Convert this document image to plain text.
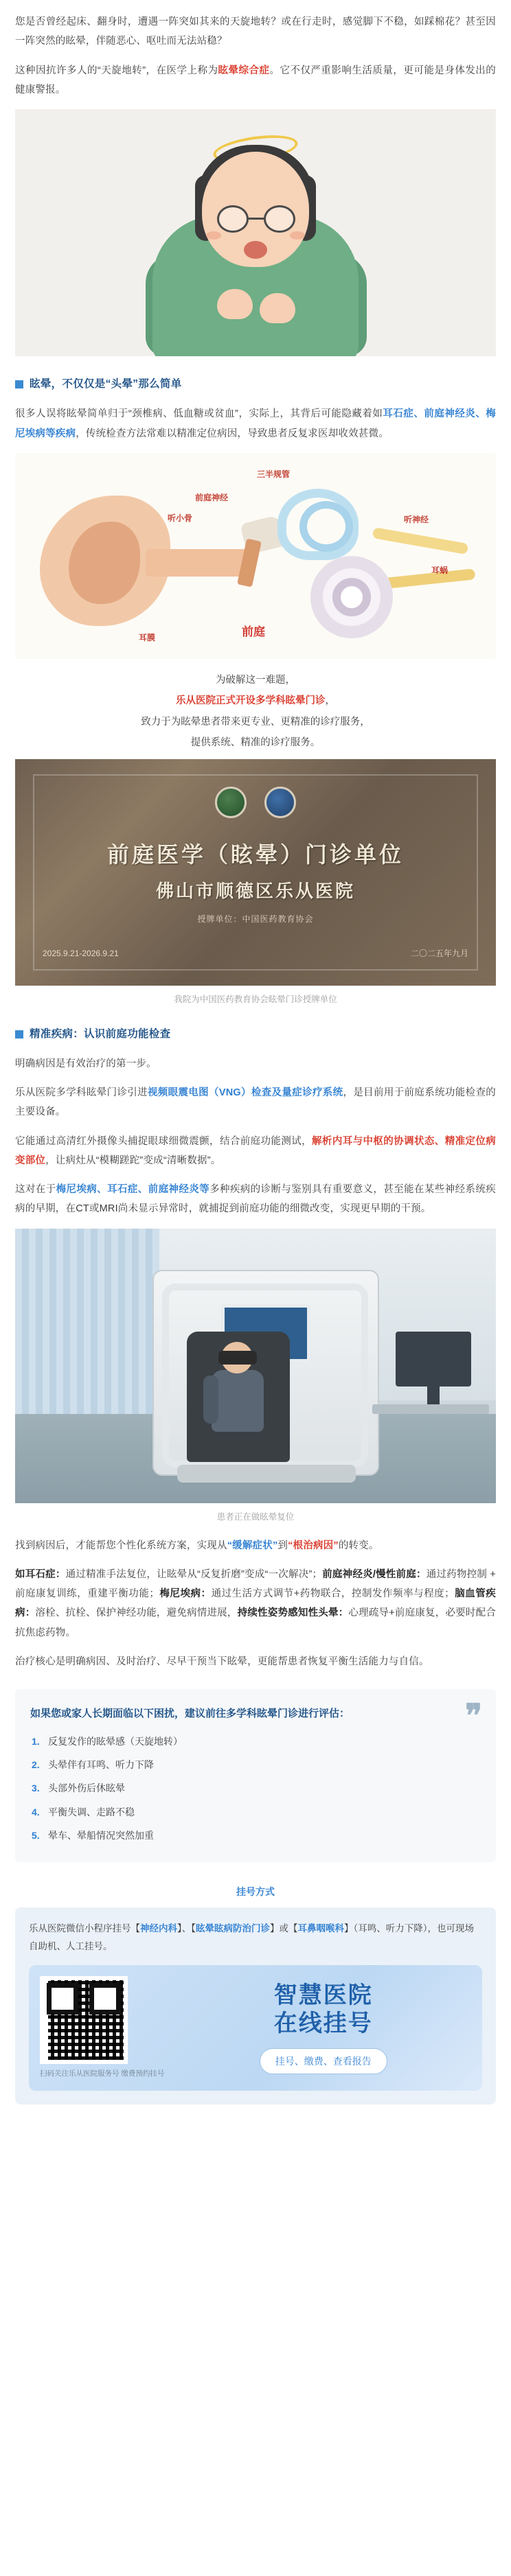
您是否曾经起床、翻身时，遭遇一阵突如其来的天旋地转？或在行走时，感觉脚下不稳，如踩棉花？甚至因一阵突然的眩晕，伴随恶心、呕吐而无法站稳？

这种因抗许多人的“天旋地转”，在医学上称为眩晕综合症。它不仅严重影响生活质量，更可能是身体发出的健康警报。

眩晕，不仅仅是“头晕”那么简单

很多人误将眩晕简单归于“颈椎病、低血糖或贫血”，实际上，其背后可能隐藏着如耳石症、前庭神经炎、梅尼埃病等疾病，传统检查方法常难以精准定位病因，导致患者反复求医却收效甚微。

三半规管
前庭神经
听小骨	听神经
耳蜗
耳膜	前庭
为破解这一难题，
乐从医院正式开设多学科眩晕门诊，
致力于为眩晕患者带来更专业、更精准的诊疗服务，
提供系统、精准的诊疗服务。
前庭医学（眩晕）门诊单位
佛山市顺德区乐从医院
授牌单位：中国医药教育协会
2025.9.21-2026.9.21	二〇二五年九月
我院为中国医药教育协会眩晕门诊授牌单位
精准疾病：认识前庭功能检查

明确病因是有效治疗的第一步。

乐从医院多学科眩晕门诊引进视频眼震电图（VNG）检查及量症诊疗系统，是目前用于前庭系统功能检查的主要设备。

它能通过高清红外摄像头捕捉眼球细微震颤，结合前庭功能测试，解析内耳与中枢的协调状态、精准定位病变部位，让病灶从“模糊蹉跎”变成“清晰数据”。

这对在于梅尼埃病、耳石症、前庭神经炎等多种疾病的诊断与鉴别具有重要意义，甚至能在某些神经系统疾病的早期，在CT或MRI尚未显示异常时，就捕捉到前庭功能的细微改变，实现更早期的干预。

患者正在做眩晕复位

找到病因后，才能帮您个性化系统方案，实现从“缓解症状”到“根治病因”的转变。

如耳石症：通过精准手法复位，让眩晕从“反复折磨”变成“一次解决”；前庭神经炎/慢性前庭：通过药物控制 + 前庭康复训练，重建平衡功能；梅尼埃病：通过生活方式调节+药物联合，控制发作频率与程度；脑血管疾病：溶栓、抗栓、保护神经功能，避免病情进展，持续性姿势感知性头晕：心理疏导+前庭康复，必要时配合抗焦虑药物。

治疗核心是明确病因、及时治疗、尽早干预当下眩晕，更能帮患者恢复平衡生活能力与自信。

❞
如果您或家人长期面临以下困扰，建议前往多学科眩晕门诊进行评估：
反复发作的眩晕感（天旋地转）
头晕伴有耳鸣、听力下降
头部外伤后休眩晕
平衡失调、走路不稳
晕车、晕船情况突然加重
挂号方式
乐从医院微信小程序挂号【神经内科】、【眩晕眩病防治门诊】或【耳鼻咽喉科】（耳鸣、听力下降），也可现场自助机、人工挂号。
扫码关注乐从医院服务号 缴费预约挂号
智慧医院
在线挂号
挂号、缴费、查看报告
